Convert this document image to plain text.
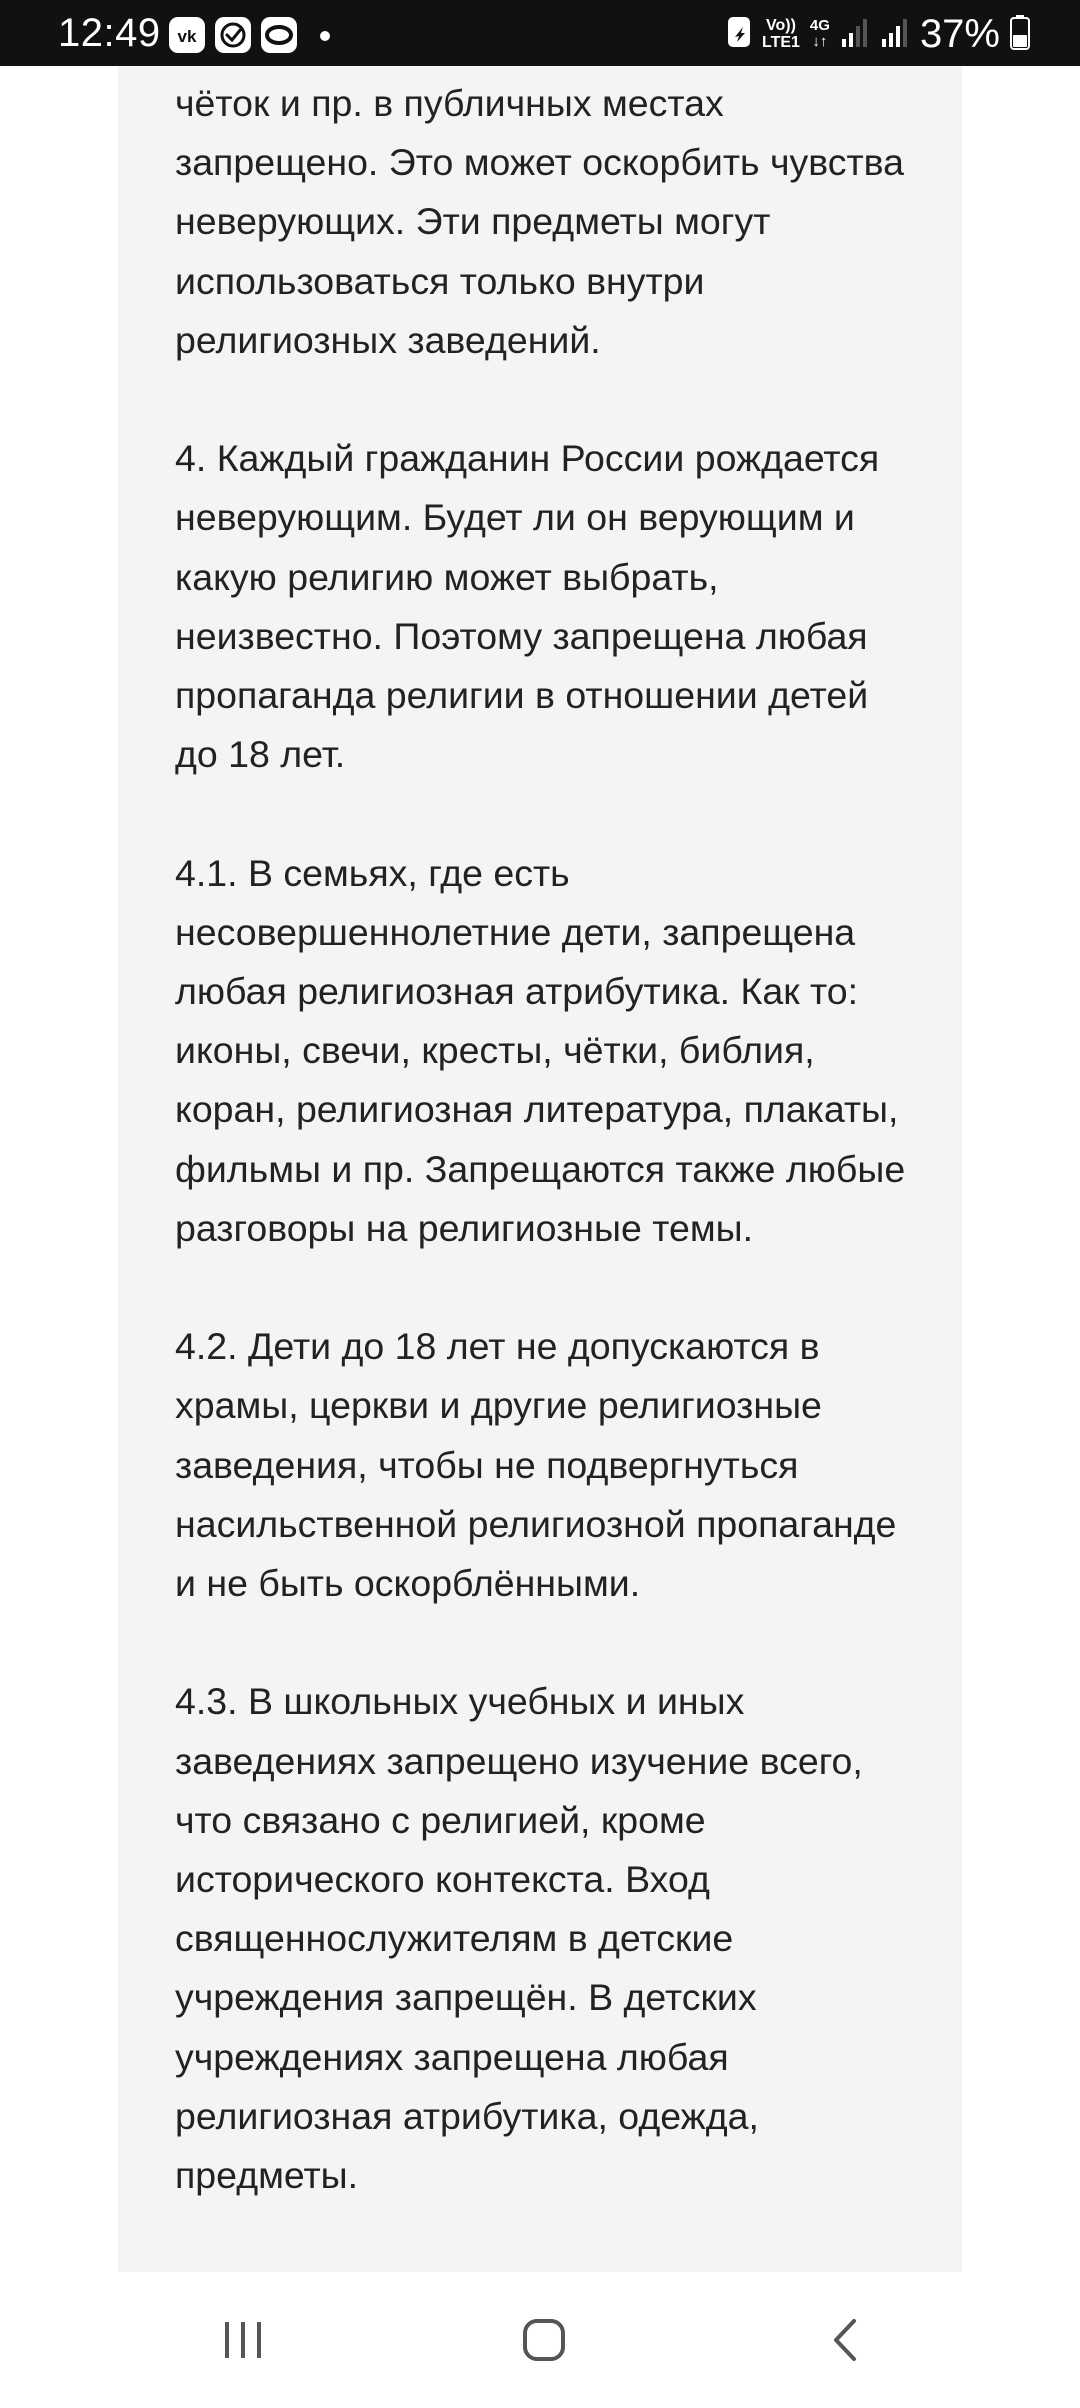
12:49 vk
Vo))
LTE1
4G
↓↑ 37%

чёток и пр. в публичных местах запрещено. Это может оскорбить чувства неверующих. Эти предметы могут использоваться только внутри религиозных заведений.

4. Каждый гражданин России рождается неверующим. Будет ли он верующим и какую религию может выбрать, неизвестно. Поэтому запрещена любая пропаганда религии в отношении детей до 18 лет.

4.1. В семьях, где есть несовершеннолетние дети, запрещена любая религиозная атрибутика. Как то: иконы, свечи, кресты, чётки, библия, коран, религиозная литература, плакаты, фильмы и пр. Запрещаются также любые разговоры на религиозные темы.

4.2. Дети до 18 лет не допускаются в храмы, церкви и другие религиозные заведения, чтобы не подвергнуться насильственной религиозной пропаганде и не быть оскорблёнными.

4.3. В школьных учебных и иных заведениях запрещено изучение всего, что связано с религией, кроме исторического контекста. Вход священнослужителям в детские учреждения запрещён. В детских учреждениях запрещена любая религиозная атрибутика, одежда, предметы.
